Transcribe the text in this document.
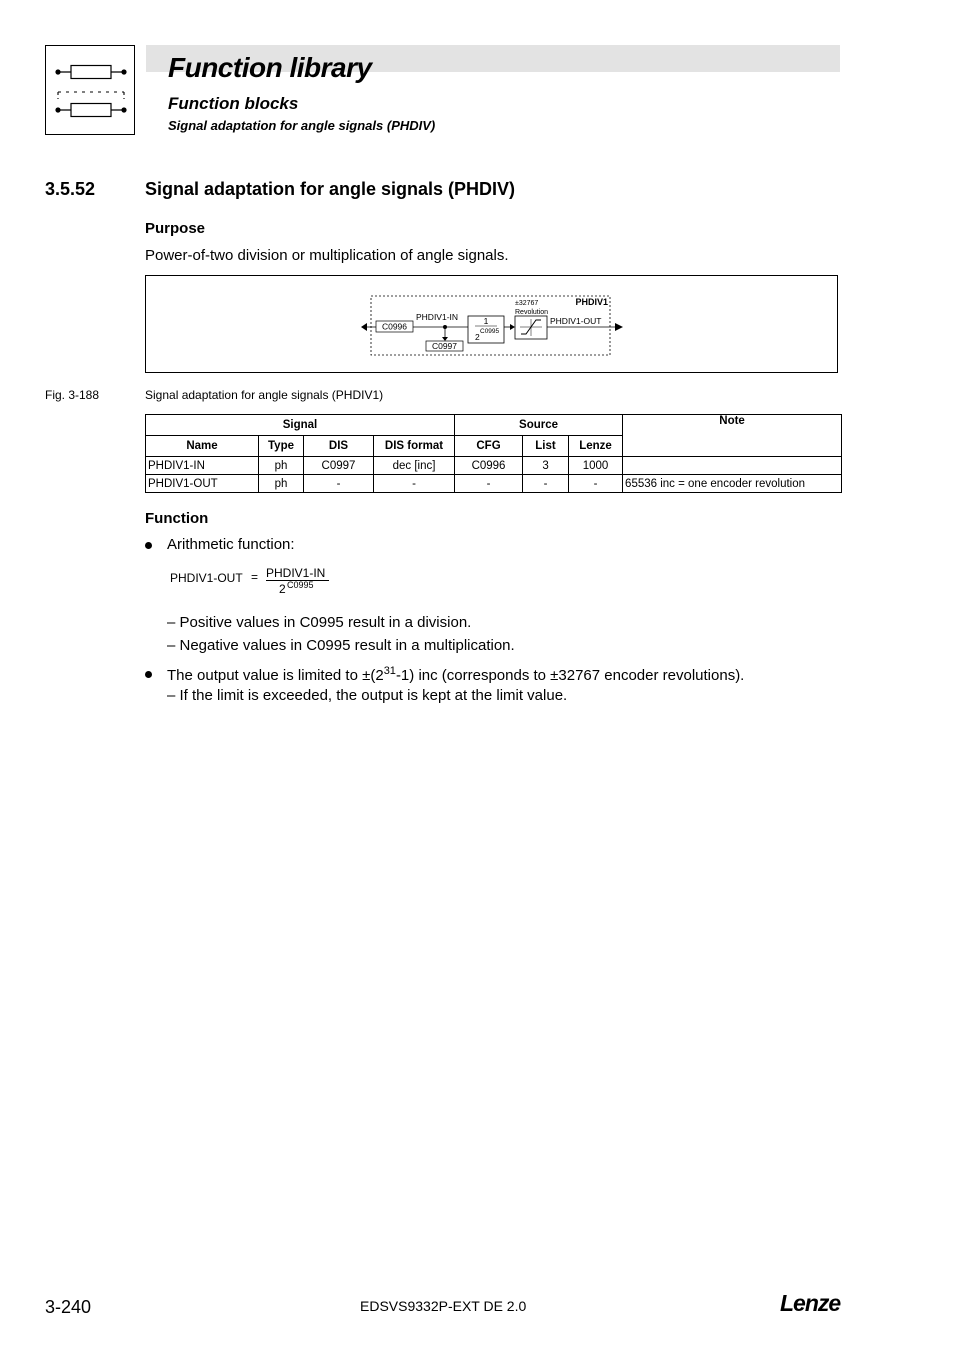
Function library
Function blocks
Signal adaptation for angle signals (PHDIV)
3.5.52	Signal adaptation for angle signals (PHDIV)
Purpose
Power-of-two division or multiplication of angle signals.
PHDIV1
C0996
PHDIV1-IN
C0997
1
2
C0995
±32767
Revolution
PHDIV1-OUT
Fig. 3-188	Signal adaptation for angle signals (PHDIV1)
Signal				Source			Note
Name	Type	DIS	DIS format	CFG	List	Lenze	
PHDIV1-IN	ph	C0997	dec [inc]	C0996	3	1000	
PHDIV1-OUT	ph	-	-	-	-	-	65536 inc = one encoder revolution
Function
Arithmetic function:
PHDIV1-OUT = PHDIV1-IN
2 C0995
– Positive values in C0995 result in a division.
– Negative values in C0995 result in a multiplication.
The output value is limited to $\pm(2^{31}-1)$ inc (corresponds to ±32767 encoder revolutions).
– If the limit is exceeded, the output is kept at the limit value.
3-240	EDSVS9332P-EXT DE 2.0	Lenze
